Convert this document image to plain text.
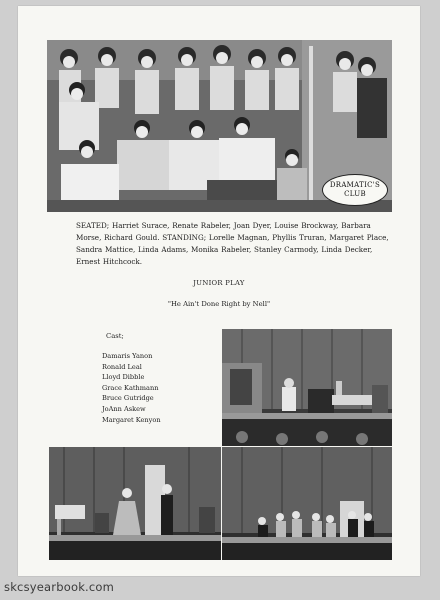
DRAMATIC'S
CLUB
SEATED; Harriet Surace, Renate Rabeler, Joan Dyer, Louise Brockway, Barbara Morse, Richard Gould. STANDING; Lorelle Magnan, Phyllis Truran, Margaret Place, Sandra Mattice, Linda Adams, Monika Rabeler, Stanley Carmody, Linda Decker, Ernest Hitchcock.
JUNIOR PLAY
"He Ain't Done Right by Nell"
Cast;
Damaris Yanon
Ronald Leal
Lloyd Dibble
Grace Kathmann
Bruce Gutridge
JoAnn Askew
Margaret Kenyon
skcsyearbook.com
